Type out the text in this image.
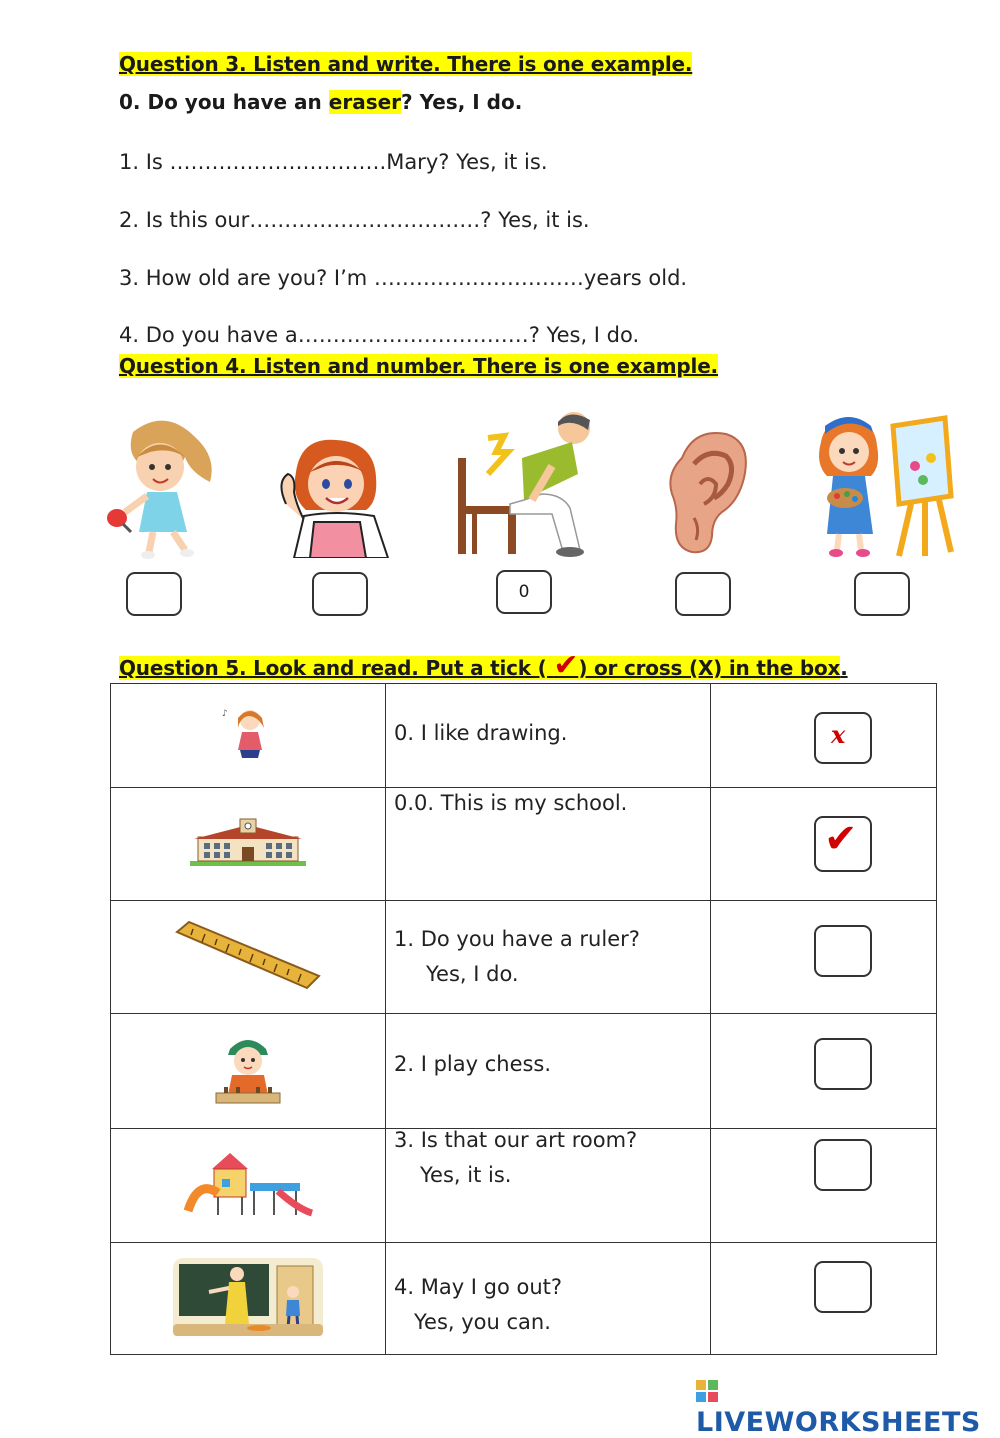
Question 3. Listen and write. There is one example.
0. Do you have an eraser? Yes, I do.
1. Is ………………………….Mary? Yes, it is.
2. Is this our……………………………? Yes, it is.
3. How old are you? I’m …………………………years old.
4. Do you have a……………………………? Yes, I do.
Question 4. Listen and number. There is one example.
0
Question 5. Look and read. Put a tick ( ✔) or cross (X) in the box.
♪	0. I like drawing.	x

0.0. This is my school.	✔

1. Do you have a ruler?
Yes, I do.	

2. I play chess.	

3. Is that our art room?
Yes, it is.	

4. May I go out?
Yes, you can.	

LIVEWORKSHEETS
